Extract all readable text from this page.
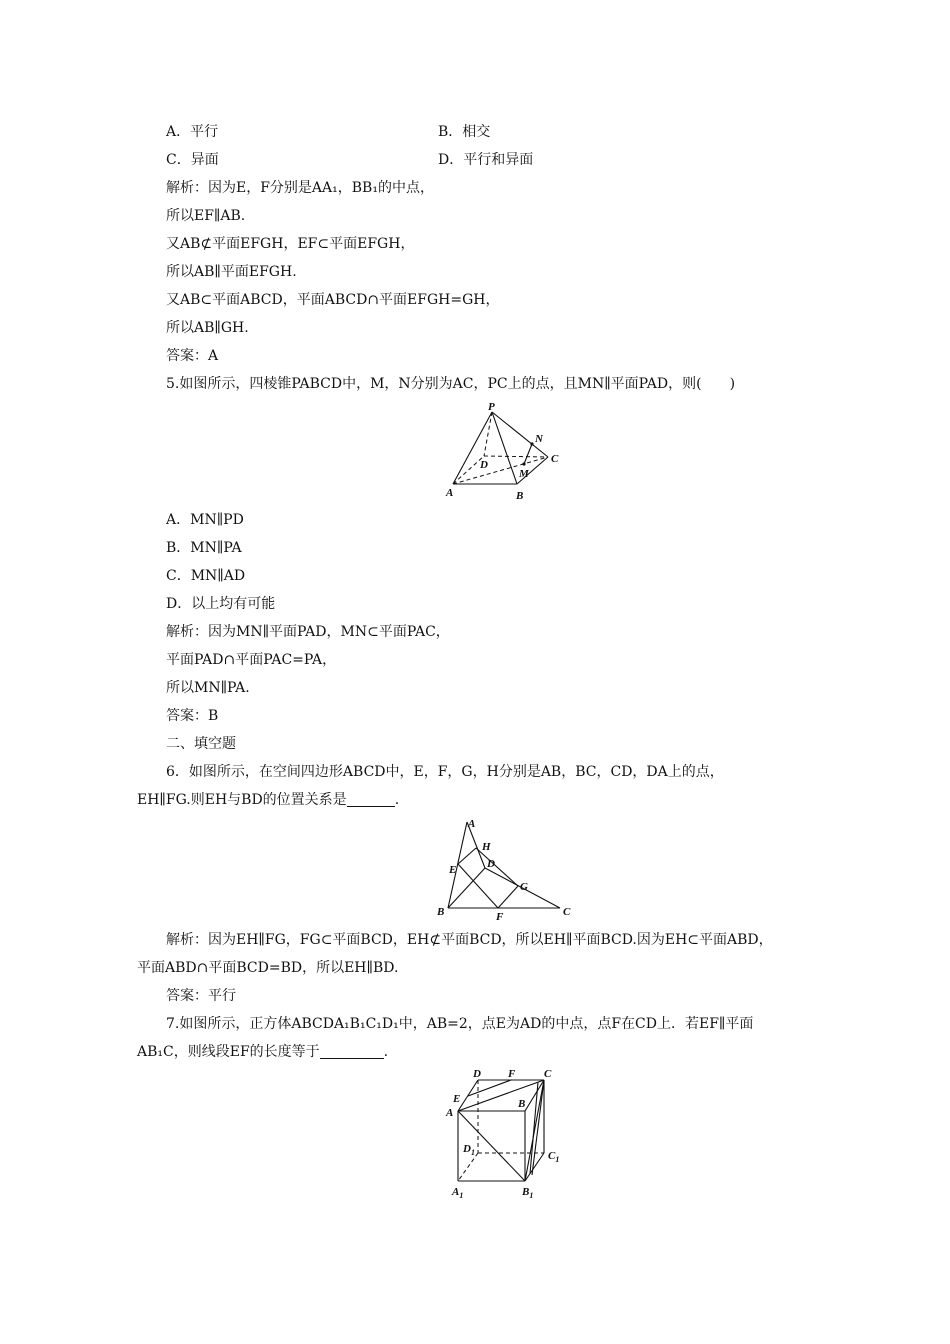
A．平行	B．相交
C．异面	D．平行和异面
解析：因为E，F分别是AA₁，BB₁的中点，
所以EF∥AB.
又AB⊄平面EFGH，EF⊂平面EFGH，
所以AB∥平面EFGH.
又AB⊂平面ABCD，平面ABCD∩平面EFGH=GH，
所以AB∥GH.
答案：A
5.如图所示，四棱锥PABCD中，M，N分别为AC，PC上的点，且MN∥平面PAD，则(　　)
P
N
D	C
M
A	B
A．MN∥PD
B．MN∥PA
C．MN∥AD
D．以上均有可能
解析：因为MN∥平面PAD，MN⊂平面PAC，
平面PAD∩平面PAC=PA，
所以MN∥PA.
答案：B
二、填空题
6．如图所示，在空间四边形ABCD中，E，F，G，H分别是AB，BC，CD，DA上的点，
EH∥FG.则EH与BD的位置关系是	.
A
H
E	D
G
B	F	C
解析：因为EH∥FG，FG⊂平面BCD，EH⊄平面BCD，所以EH∥平面BCD.因为EH⊂平面ABD，
平面ABD∩平面BCD=BD，所以EH∥BD.
答案：平行
7.如图所示，正方体ABCDA₁B₁C₁D₁中，AB=2，点E为AD的中点，点F在CD上．若EF∥平面
AB₁C，则线段EF的长度等于	.
D F	C
E	B
A
$D_1$	$C_1$
$A_1$	$B_1$
